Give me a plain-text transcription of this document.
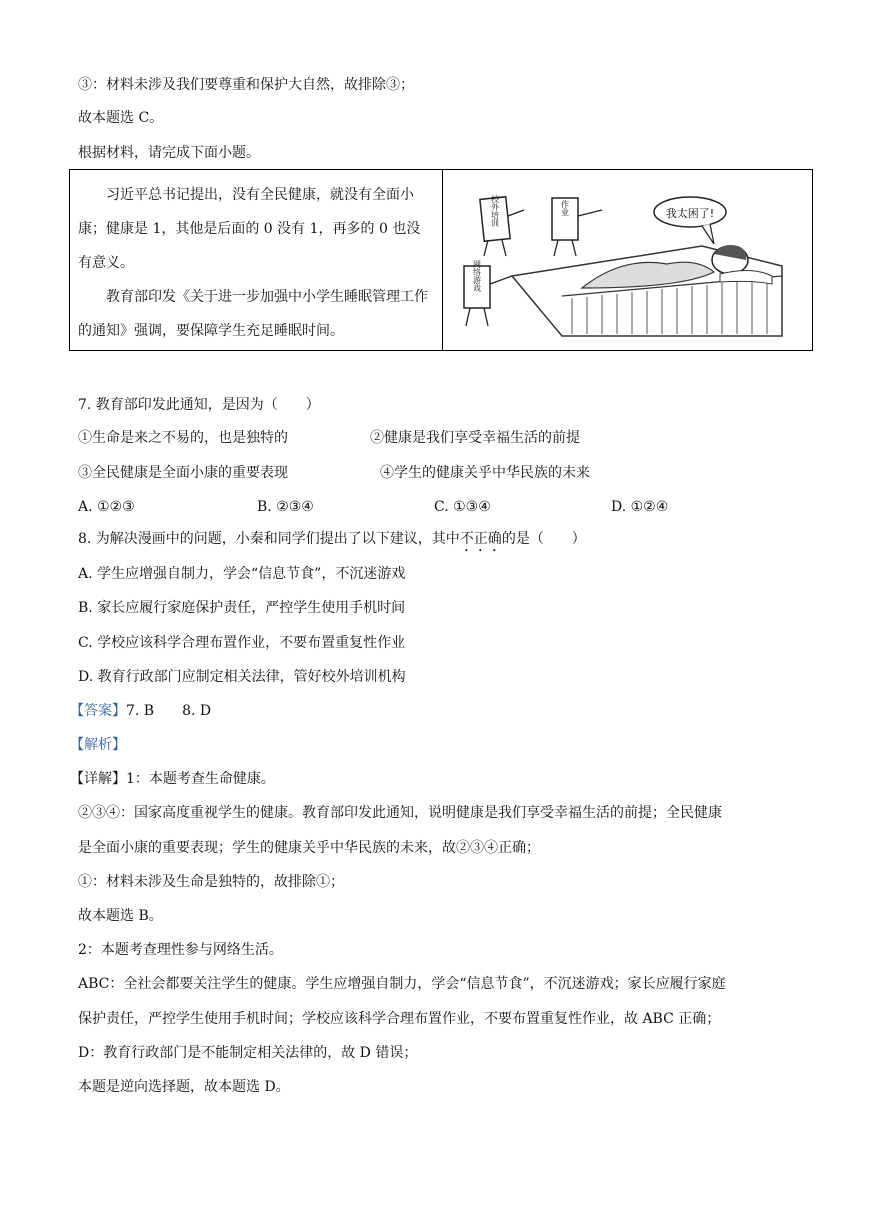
③：材料未涉及我们要尊重和保护大自然，故排除③；
故本题选 C。
根据材料，请完成下面小题。

习近平总书记提出，没有全民健康，就没有全面小康；健康是 1，其他是后面的 0 没有 1，再多的 0 也没有意义。

教育部印发《关于进一步加强中小学生睡眠管理工作的通知》强调，要保障学生充足睡眠时间。

我太困了!
校外培训	作业
网络游戏
7. 教育部印发此通知，是因为（　　）
①生命是来之不易的，也是独特的	②健康是我们享受幸福生活的前提
③全民健康是全面小康的重要表现	④学生的健康关乎中华民族的未来
A. ①②③	B. ②③④	C. ①③④	D. ①②④
8. 为解决漫画中的问题，小秦和同学们提出了以下建议，其中不正确的是（　　）
A. 学生应增强自制力，学会“信息节食”，不沉迷游戏
B. 家长应履行家庭保护责任，严控学生使用手机时间
C. 学校应该科学合理布置作业，不要布置重复性作业
D. 教育行政部门应制定相关法律，管好校外培训机构
【答案】7. B　　8. D
【解析】
【详解】1：本题考查生命健康。
②③④：国家高度重视学生的健康。教育部印发此通知，说明健康是我们享受幸福生活的前提；全民健康
是全面小康的重要表现；学生的健康关乎中华民族的未来，故②③④正确；
①：材料未涉及生命是独特的，故排除①；
故本题选 B。
2：本题考查理性参与网络生活。
ABC：全社会都要关注学生的健康。学生应增强自制力，学会“信息节食”，不沉迷游戏；家长应履行家庭
保护责任，严控学生使用手机时间；学校应该科学合理布置作业，不要布置重复性作业，故 ABC 正确；
D：教育行政部门是不能制定相关法律的，故 D 错误；
本题是逆向选择题，故本题选 D。
